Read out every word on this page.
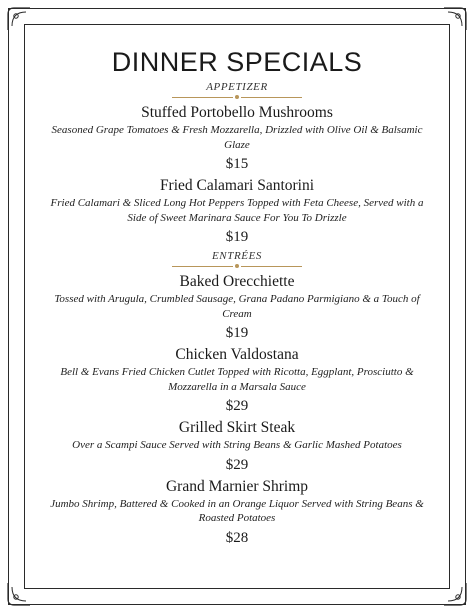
DINNER SPECIALS
APPETIZER
Stuffed Portobello Mushrooms
Seasoned Grape Tomatoes & Fresh Mozzarella, Drizzled with Olive Oil & Balsamic Glaze
$15
Fried Calamari Santorini
Fried Calamari & Sliced Long Hot Peppers Topped with Feta Cheese, Served with a Side of Sweet Marinara Sauce For You To Drizzle
$19
ENTRÉES
Baked Orecchiette
Tossed with Arugula, Crumbled Sausage, Grana Padano Parmigiano & a Touch of Cream
$19
Chicken Valdostana
Bell & Evans Fried Chicken Cutlet Topped with Ricotta, Eggplant, Prosciutto & Mozzarella in a Marsala Sauce
$29
Grilled Skirt Steak
Over a Scampi Sauce Served with String Beans & Garlic Mashed Potatoes
$29
Grand Marnier Shrimp
Jumbo Shrimp, Battered & Cooked in an Orange Liquor Served with String Beans & Roasted Potatoes
$28
